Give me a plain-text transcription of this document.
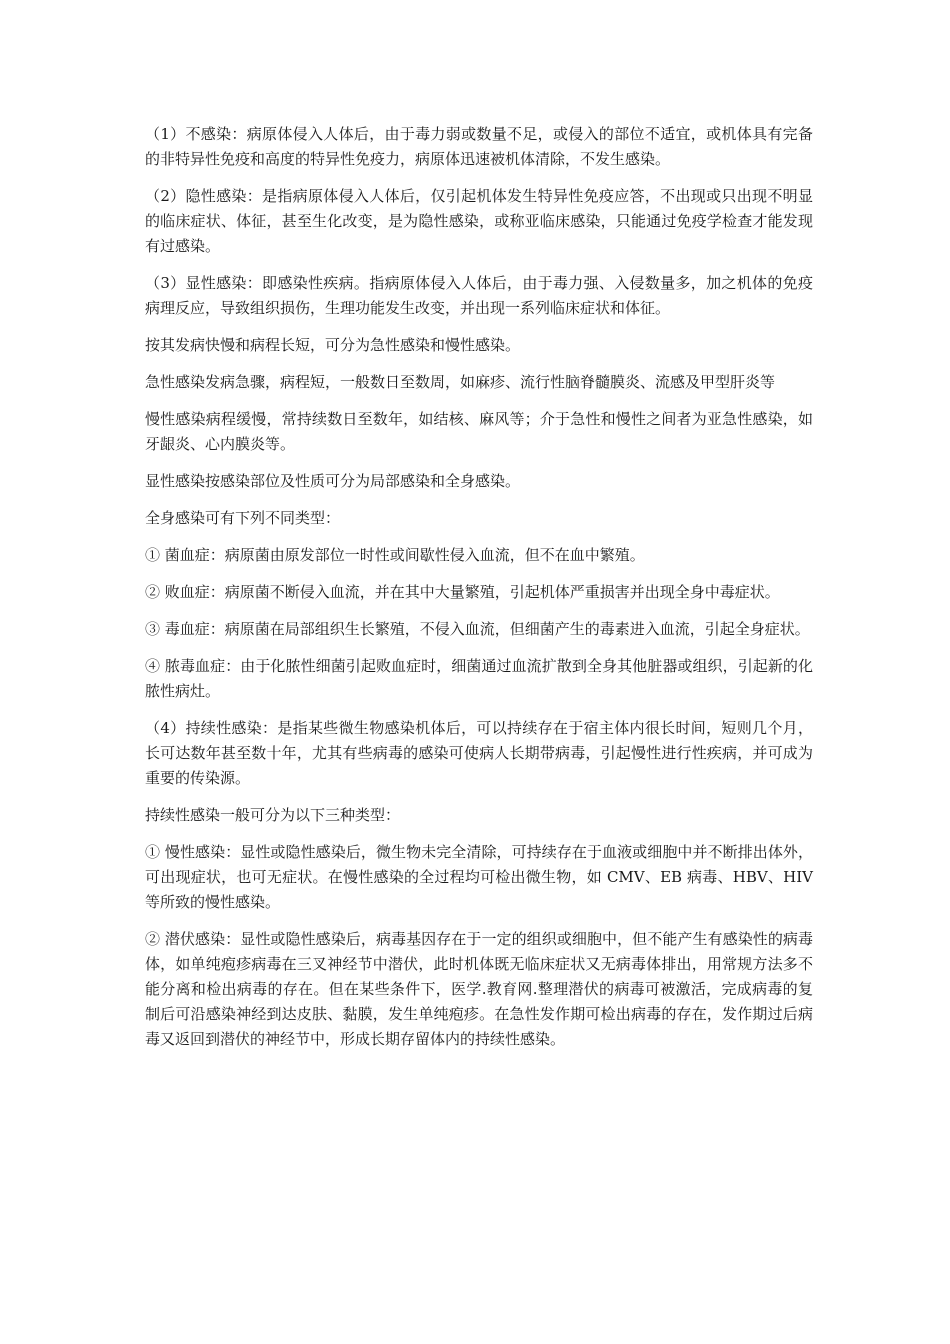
（1）不感染：病原体侵入人体后，由于毒力弱或数量不足，或侵入的部位不适宜，或机体具有完备的非特异性免疫和高度的特异性免疫力，病原体迅速被机体清除，不发生感染。

（2）隐性感染：是指病原体侵入人体后，仅引起机体发生特异性免疫应答，不出现或只出现不明显的临床症状、体征，甚至生化改变，是为隐性感染，或称亚临床感染，只能通过免疫学检查才能发现有过感染。

（3）显性感染：即感染性疾病。指病原体侵入人体后，由于毒力强、入侵数量多，加之机体的免疫病理反应，导致组织损伤，生理功能发生改变，并出现一系列临床症状和体征。

按其发病快慢和病程长短，可分为急性感染和慢性感染。

急性感染发病急骤，病程短，一般数日至数周，如麻疹、流行性脑脊髓膜炎、流感及甲型肝炎等

慢性感染病程缓慢，常持续数日至数年，如结核、麻风等；介于急性和慢性之间者为亚急性感染，如牙龈炎、心内膜炎等。

显性感染按感染部位及性质可分为局部感染和全身感染。

全身感染可有下列不同类型：

① 菌血症：病原菌由原发部位一时性或间歇性侵入血流，但不在血中繁殖。

② 败血症：病原菌不断侵入血流，并在其中大量繁殖，引起机体严重损害并出现全身中毒症状。

③ 毒血症：病原菌在局部组织生长繁殖，不侵入血流，但细菌产生的毒素进入血流，引起全身症状。

④ 脓毒血症：由于化脓性细菌引起败血症时，细菌通过血流扩散到全身其他脏器或组织，引起新的化脓性病灶。

（4）持续性感染：是指某些微生物感染机体后，可以持续存在于宿主体内很长时间，短则几个月，长可达数年甚至数十年，尤其有些病毒的感染可使病人长期带病毒，引起慢性进行性疾病，并可成为重要的传染源。

持续性感染一般可分为以下三种类型：

① 慢性感染：显性或隐性感染后，微生物未完全清除，可持续存在于血液或细胞中并不断排出体外，可出现症状，也可无症状。在慢性感染的全过程均可检出微生物，如 CMV、EB 病毒、HBV、HIV 等所致的慢性感染。

② 潜伏感染：显性或隐性感染后，病毒基因存在于一定的组织或细胞中，但不能产生有感染性的病毒体，如单纯疱疹病毒在三叉神经节中潜伏，此时机体既无临床症状又无病毒体排出，用常规方法多不能分离和检出病毒的存在。但在某些条件下，医学.教育网.整理潜伏的病毒可被激活，完成病毒的复制后可沿感染神经到达皮肤、黏膜，发生单纯疱疹。在急性发作期可检出病毒的存在，发作期过后病毒又返回到潜伏的神经节中，形成长期存留体内的持续性感染。
